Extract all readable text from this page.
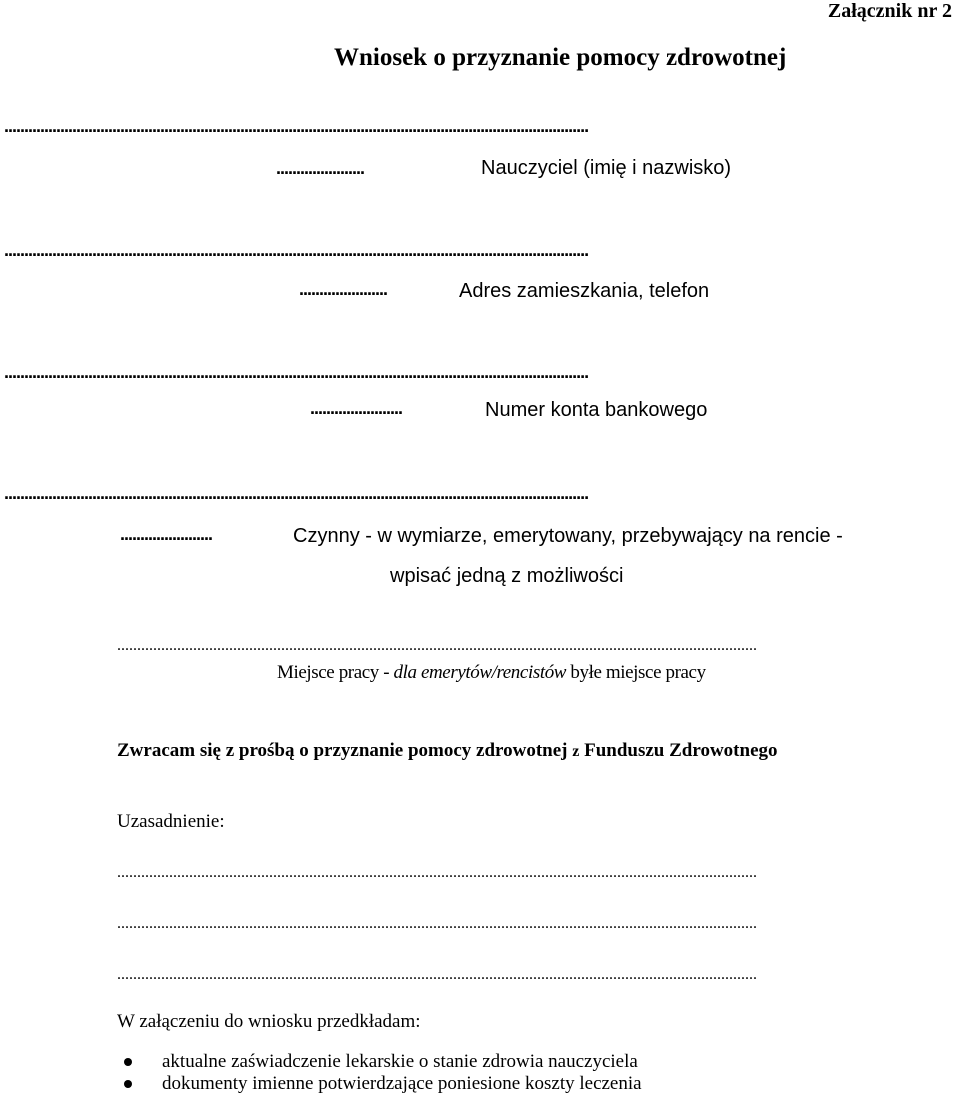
Załącznik nr 2
Wniosek o przyznanie pomocy zdrowotnej
..................................................................................................................................................
......................	Nauczyciel (imię i nazwisko)
..................................................................................................................................................
......................	Adres zamieszkania, telefon
..................................................................................................................................................
.......................	Numer konta bankowego
..................................................................................................................................................
.......................	Czynny - w wymiarze, emerytowany, przebywający na rencie -
wpisać jedną z możliwości
................................................................................................................................................................
Miejsce pracy - dla emerytów/rencistów byłe miejsce pracy
Zwracam się z prośbą o przyznanie pomocy zdrowotnej z Funduszu Zdrowotnego
Uzasadnienie:
................................................................................................................................................................
................................................................................................................................................................
................................................................................................................................................................
W załączeniu do wniosku przedkładam:
aktualne zaświadczenie lekarskie o stanie zdrowia nauczyciela
dokumenty imienne potwierdzające poniesione koszty leczenia
